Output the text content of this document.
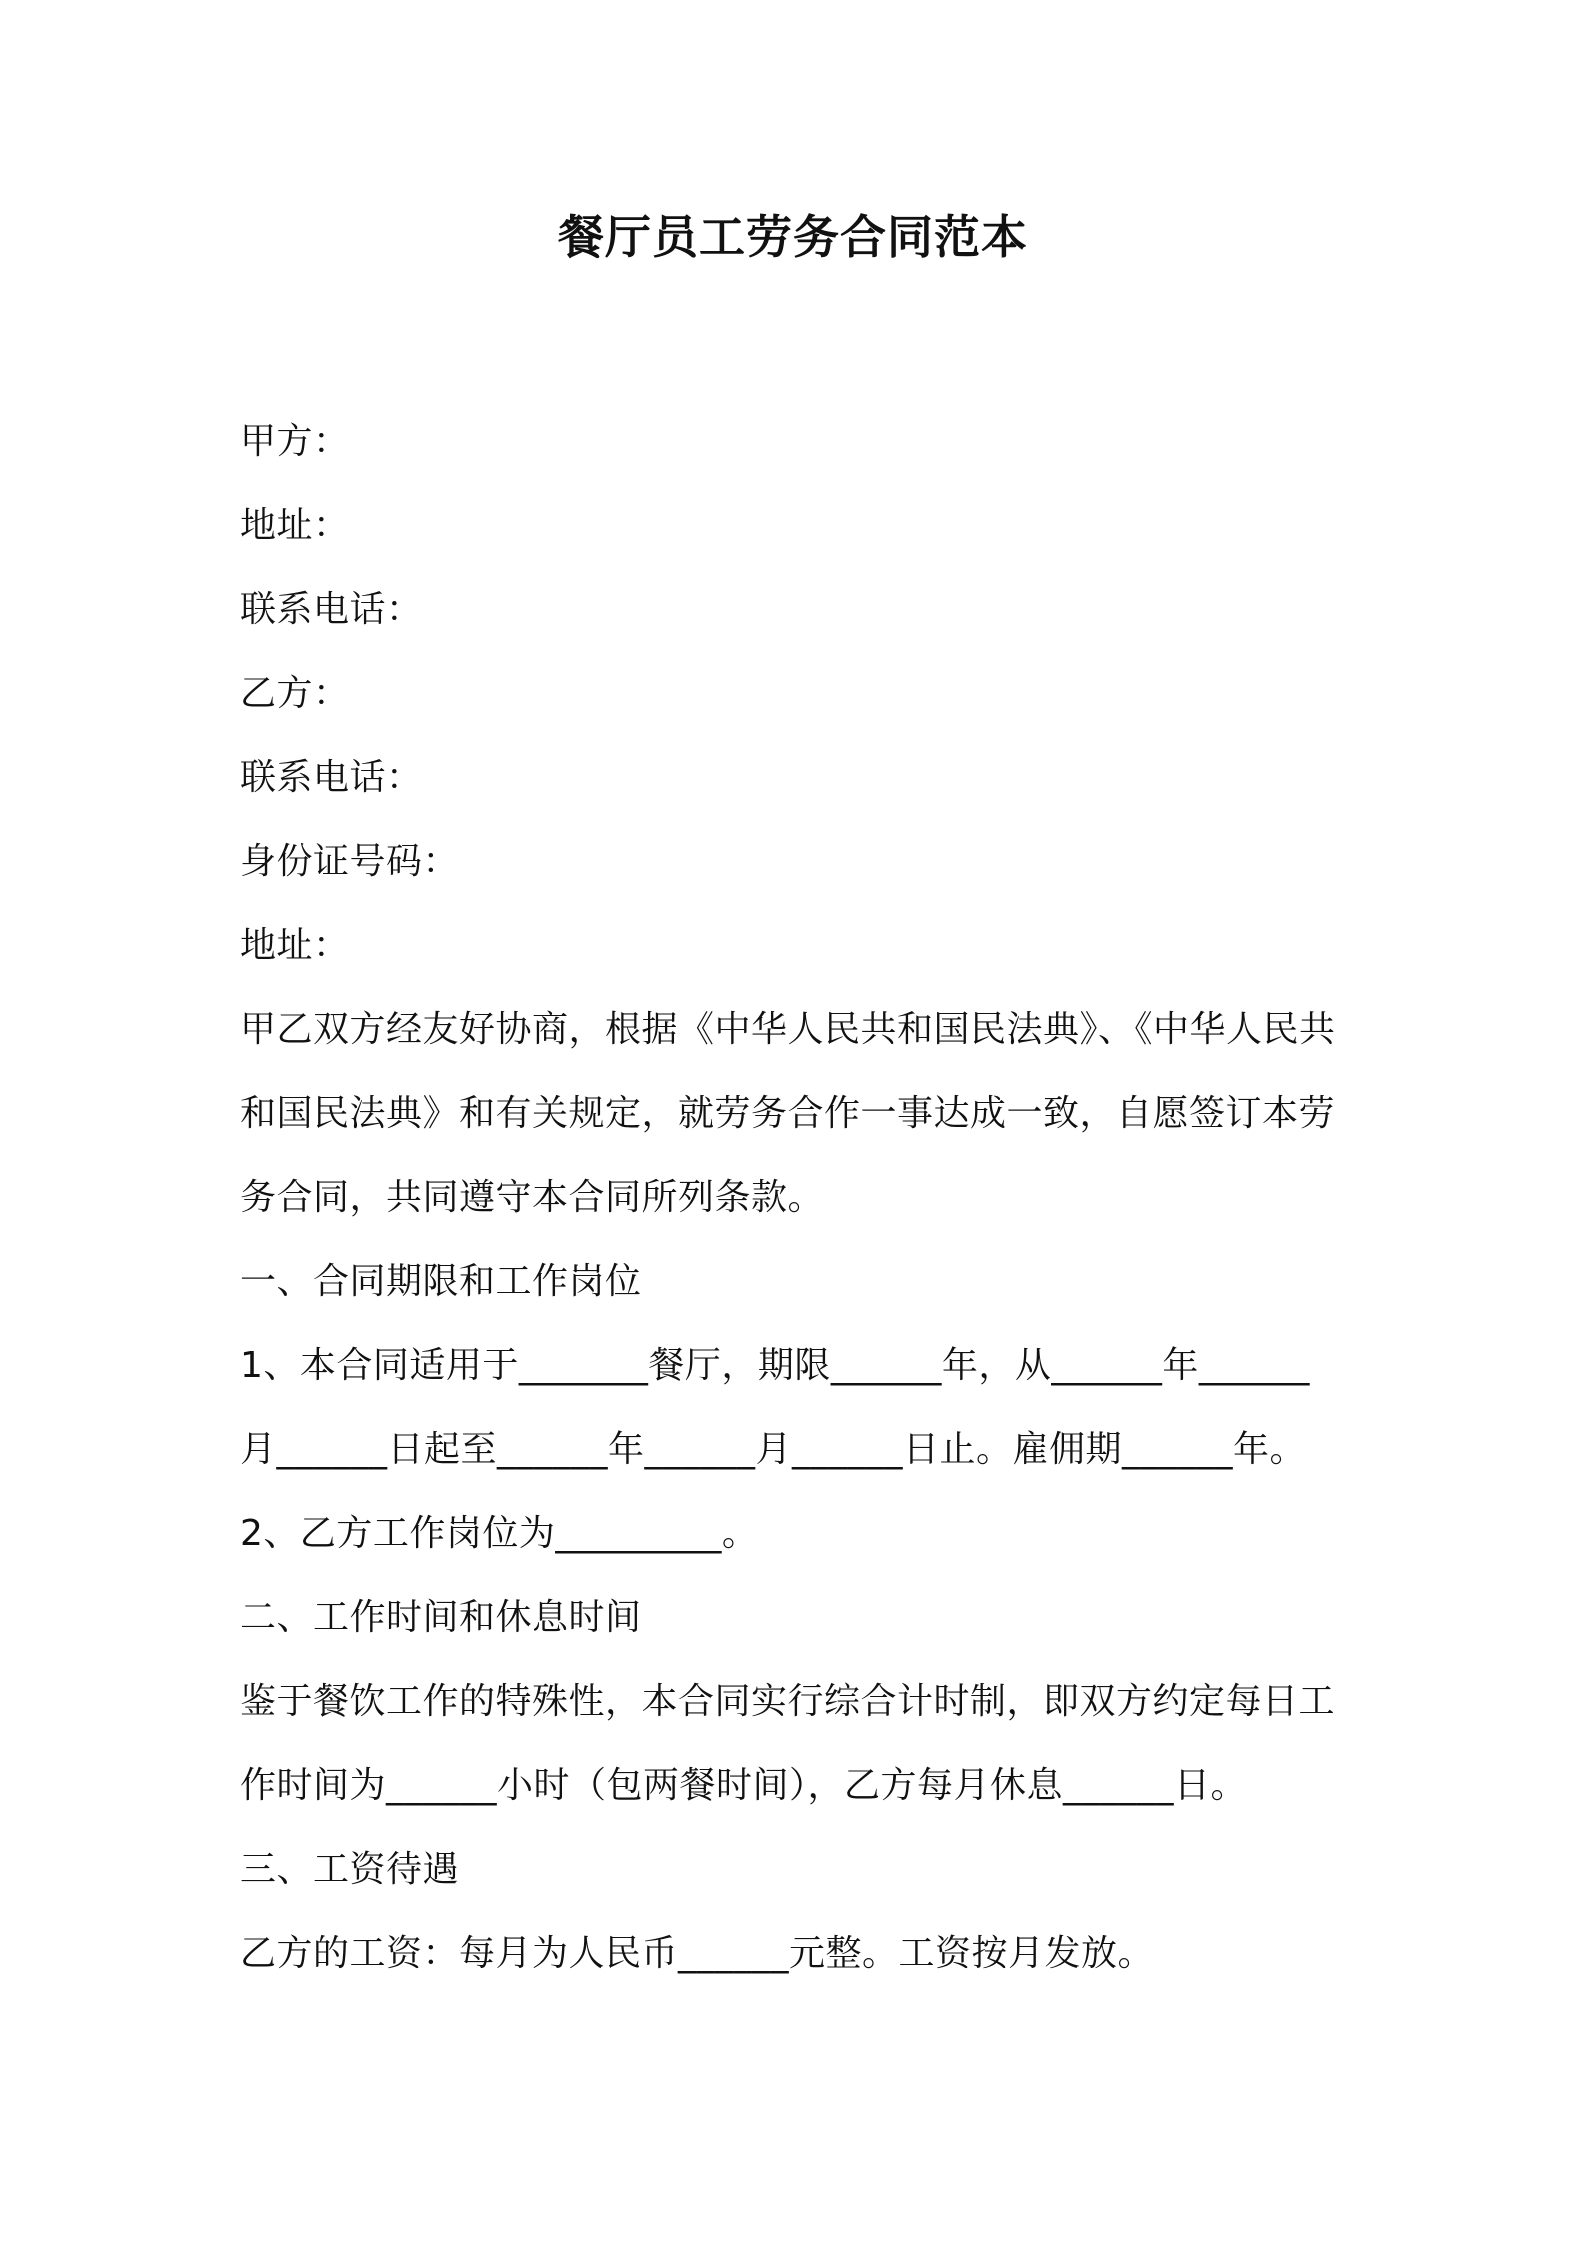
餐厅员工劳务合同范本
甲方：
地址：
联系电话：
乙方：
联系电话：
身份证号码：
地址：
甲乙双方经友好协商，根据《中华人民共和国民法典》、《中华人民共
和国民法典》和有关规定，就劳务合作一事达成一致，自愿签订本劳
务合同，共同遵守本合同所列条款。
一、合同期限和工作岗位
1、本合同适用于_______餐厅，期限______年，从______年______
月______日起至______年______月______日止。雇佣期______年。
2、乙方工作岗位为_________。
二、工作时间和休息时间
鉴于餐饮工作的特殊性，本合同实行综合计时制，即双方约定每日工
作时间为______小时（包两餐时间），乙方每月休息______日。
三、工资待遇
乙方的工资：每月为人民币______元整。工资按月发放。
